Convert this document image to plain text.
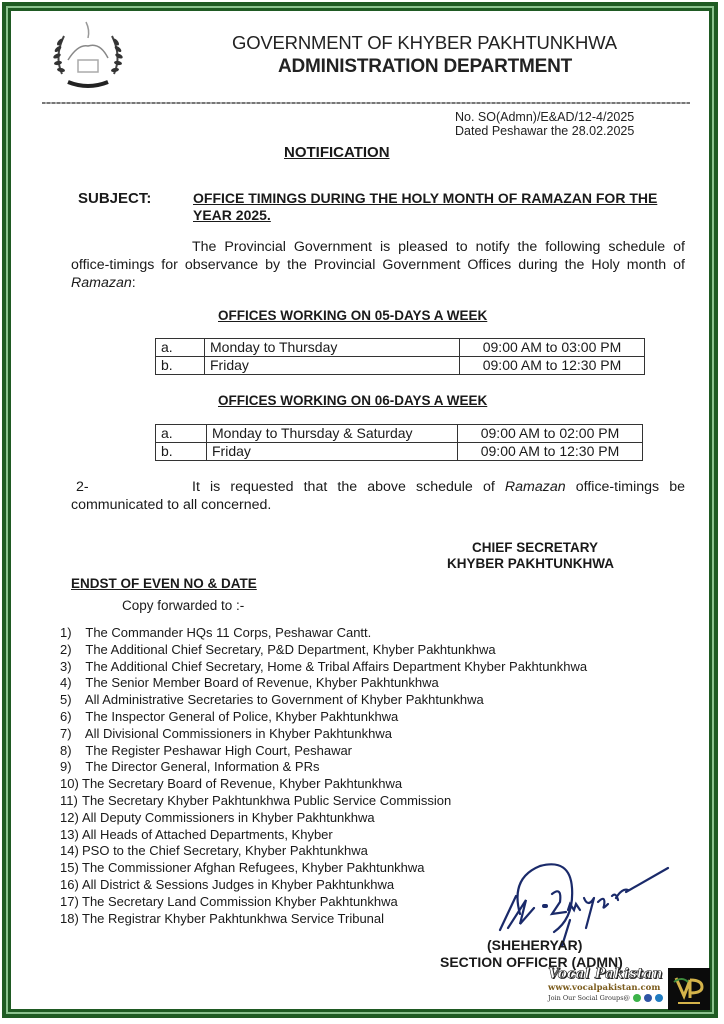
GOVERNMENT OF KHYBER PAKHTUNKHWA
ADMINISTRATION DEPARTMENT
No. SO(Admn)/E&AD/12-4/2025
Dated Peshawar the 28.02.2025
NOTIFICATION
SUBJECT:	OFFICE TIMINGS DURING THE HOLY MONTH OF RAMAZAN FOR THE YEAR 2025.
The Provincial Government is pleased to notify the following schedule of office-timings for observance by the Provincial Government Offices during the Holy month of Ramazan:
OFFICES WORKING ON 05-DAYS A WEEK
a.	Monday to Thursday	09:00 AM to 03:00 PM
b.	Friday	09:00 AM to 12:30 PM
OFFICES WORKING ON 06-DAYS A WEEK
a.	Monday to Thursday & Saturday	09:00 AM to 02:00 PM
b.	Friday	09:00 AM to 12:30 PM
2-	It is requested that the above schedule of Ramazan office-timings be communicated to all concerned.
CHIEF SECRETARY
KHYBER PAKHTUNKHWA
ENDST OF EVEN NO & DATE
Copy forwarded to :-
1) The Commander HQs 11 Corps, Peshawar Cantt.
2) The Additional Chief Secretary, P&D Department, Khyber Pakhtunkhwa
3) The Additional Chief Secretary, Home & Tribal Affairs Department Khyber Pakhtunkhwa
4) The Senior Member Board of Revenue, Khyber Pakhtunkhwa
5) All Administrative Secretaries to Government of Khyber Pakhtunkhwa
6) The Inspector General of Police, Khyber Pakhtunkhwa
7) All Divisional Commissioners in Khyber Pakhtunkhwa
8) The Register Peshawar High Court, Peshawar
9) The Director General, Information & PRs
10) The Secretary Board of Revenue, Khyber Pakhtunkhwa
11) The Secretary Khyber Pakhtunkhwa Public Service Commission
12) All Deputy Commissioners in Khyber Pakhtunkhwa
13) All Heads of Attached Departments, Khyber
14) PSO to the Chief Secretary, Khyber Pakhtunkhwa
15) The Commissioner Afghan Refugees, Khyber Pakhtunkhwa
16) All District & Sessions Judges in Khyber Pakhtunkhwa
17) The Secretary Land Commission Khyber Pakhtunkhwa
18) The Registrar Khyber Pakhtunkhwa Service Tribunal
(SHEHERYAR)
SECTION OFFICER (ADMN)
Vocal Pakistan
www.vocalpakistan.com
Join Our Social Groups@
